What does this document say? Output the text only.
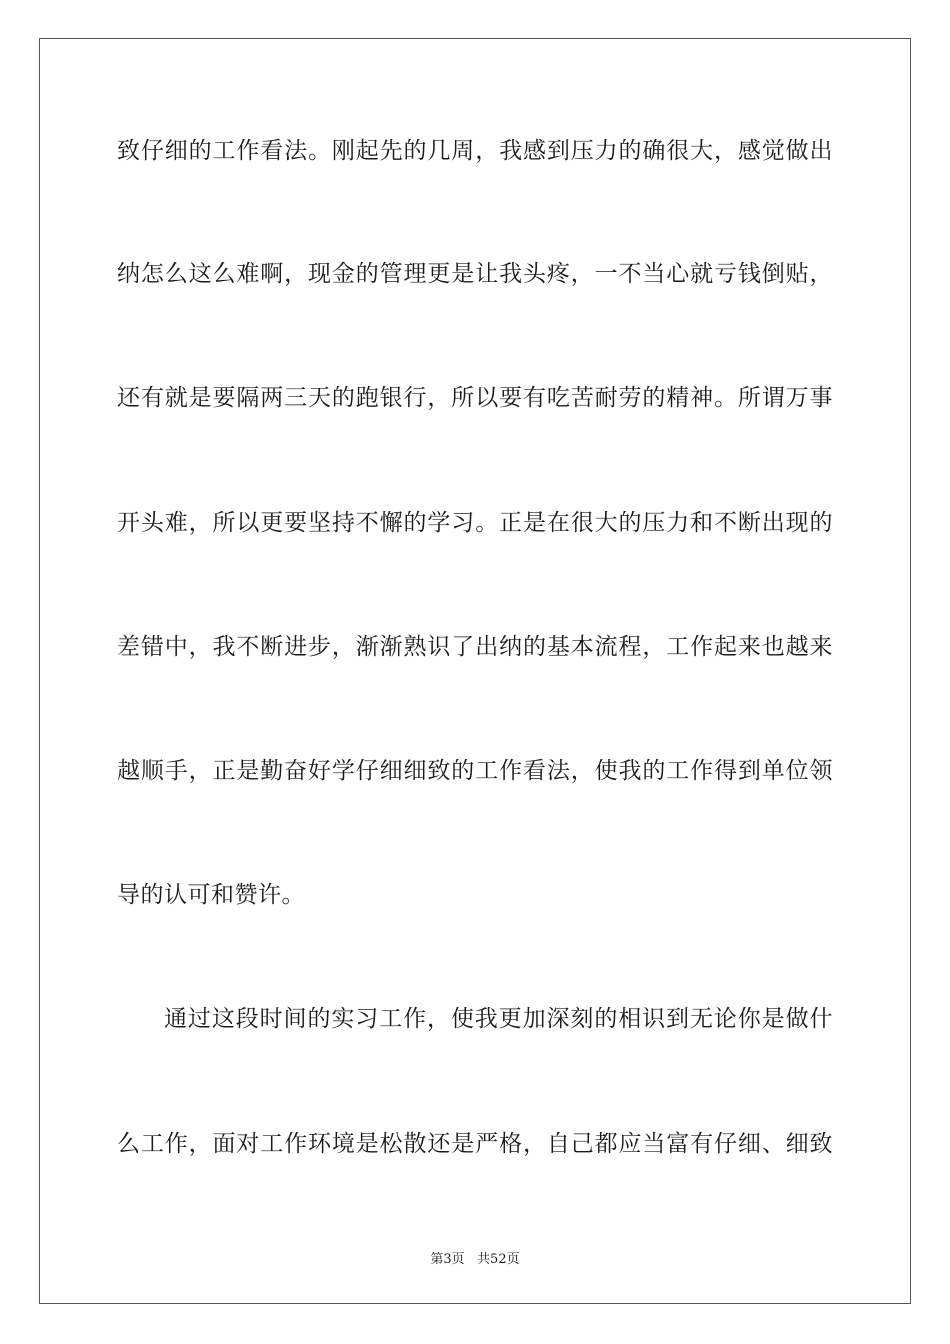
致仔细的工作看法。刚起先的几周，我感到压力的确很大，感觉做出
纳怎么这么难啊，现金的管理更是让我头疼，一不当心就亏钱倒贴，
还有就是要隔两三天的跑银行，所以要有吃苦耐劳的精神。所谓万事
开头难，所以更要坚持不懈的学习。正是在很大的压力和不断出现的
差错中，我不断进步，渐渐熟识了出纳的基本流程，工作起来也越来
越顺手，正是勤奋好学仔细细致的工作看法，使我的工作得到单位领
导的认可和赞许。
通过这段时间的实习工作，使我更加深刻的相识到无论你是做什
么工作，面对工作环境是松散还是严格，自己都应当富有仔细、细致
第3页   共52页
